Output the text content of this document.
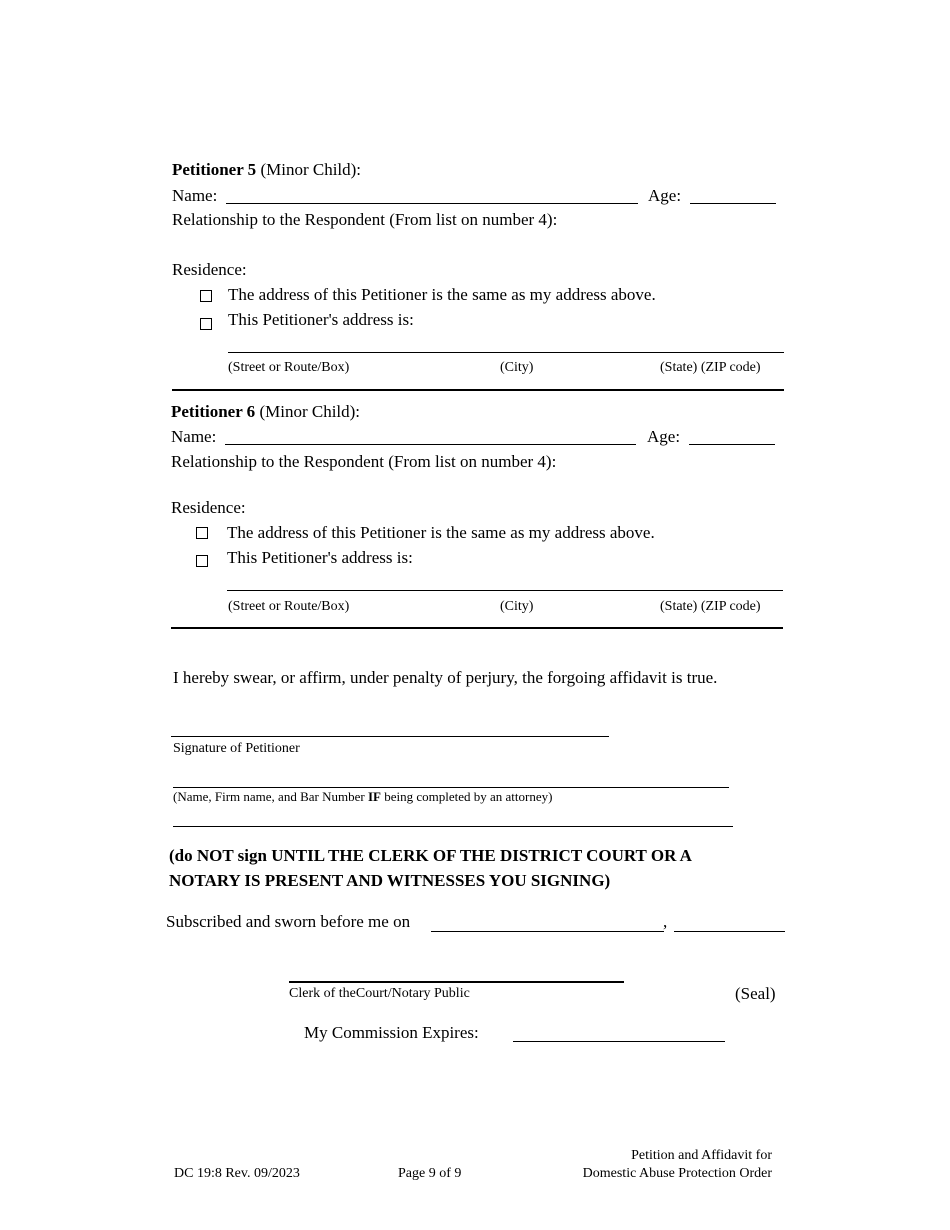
Petitioner 5 (Minor Child):
Name:	Age:
Relationship to the Respondent (From list on number 4):
Residence:
The address of this Petitioner is the same as my address above.
This Petitioner's address is:
(Street or Route/Box)	(City)	(State) (ZIP code)
Petitioner 6 (Minor Child):
Name:	Age:
Relationship to the Respondent (From list on number 4):
Residence:
The address of this Petitioner is the same as my address above.
This Petitioner's address is:
(Street or Route/Box)	(City)	(State) (ZIP code)
I hereby swear, or affirm, under penalty of perjury, the forgoing affidavit is true.
Signature of Petitioner
(Name, Firm name, and Bar Number IF being completed by an attorney)
(do NOT sign UNTIL THE CLERK OF THE DISTRICT COURT OR A
NOTARY IS PRESENT AND WITNESSES YOU SIGNING)
Subscribed and sworn before me on	,
Clerk of theCourt/Notary Public	(Seal)
My Commission Expires:
DC 19:8 Rev. 09/2023	Page 9 of 9
Petition and Affidavit for
Domestic Abuse Protection Order
